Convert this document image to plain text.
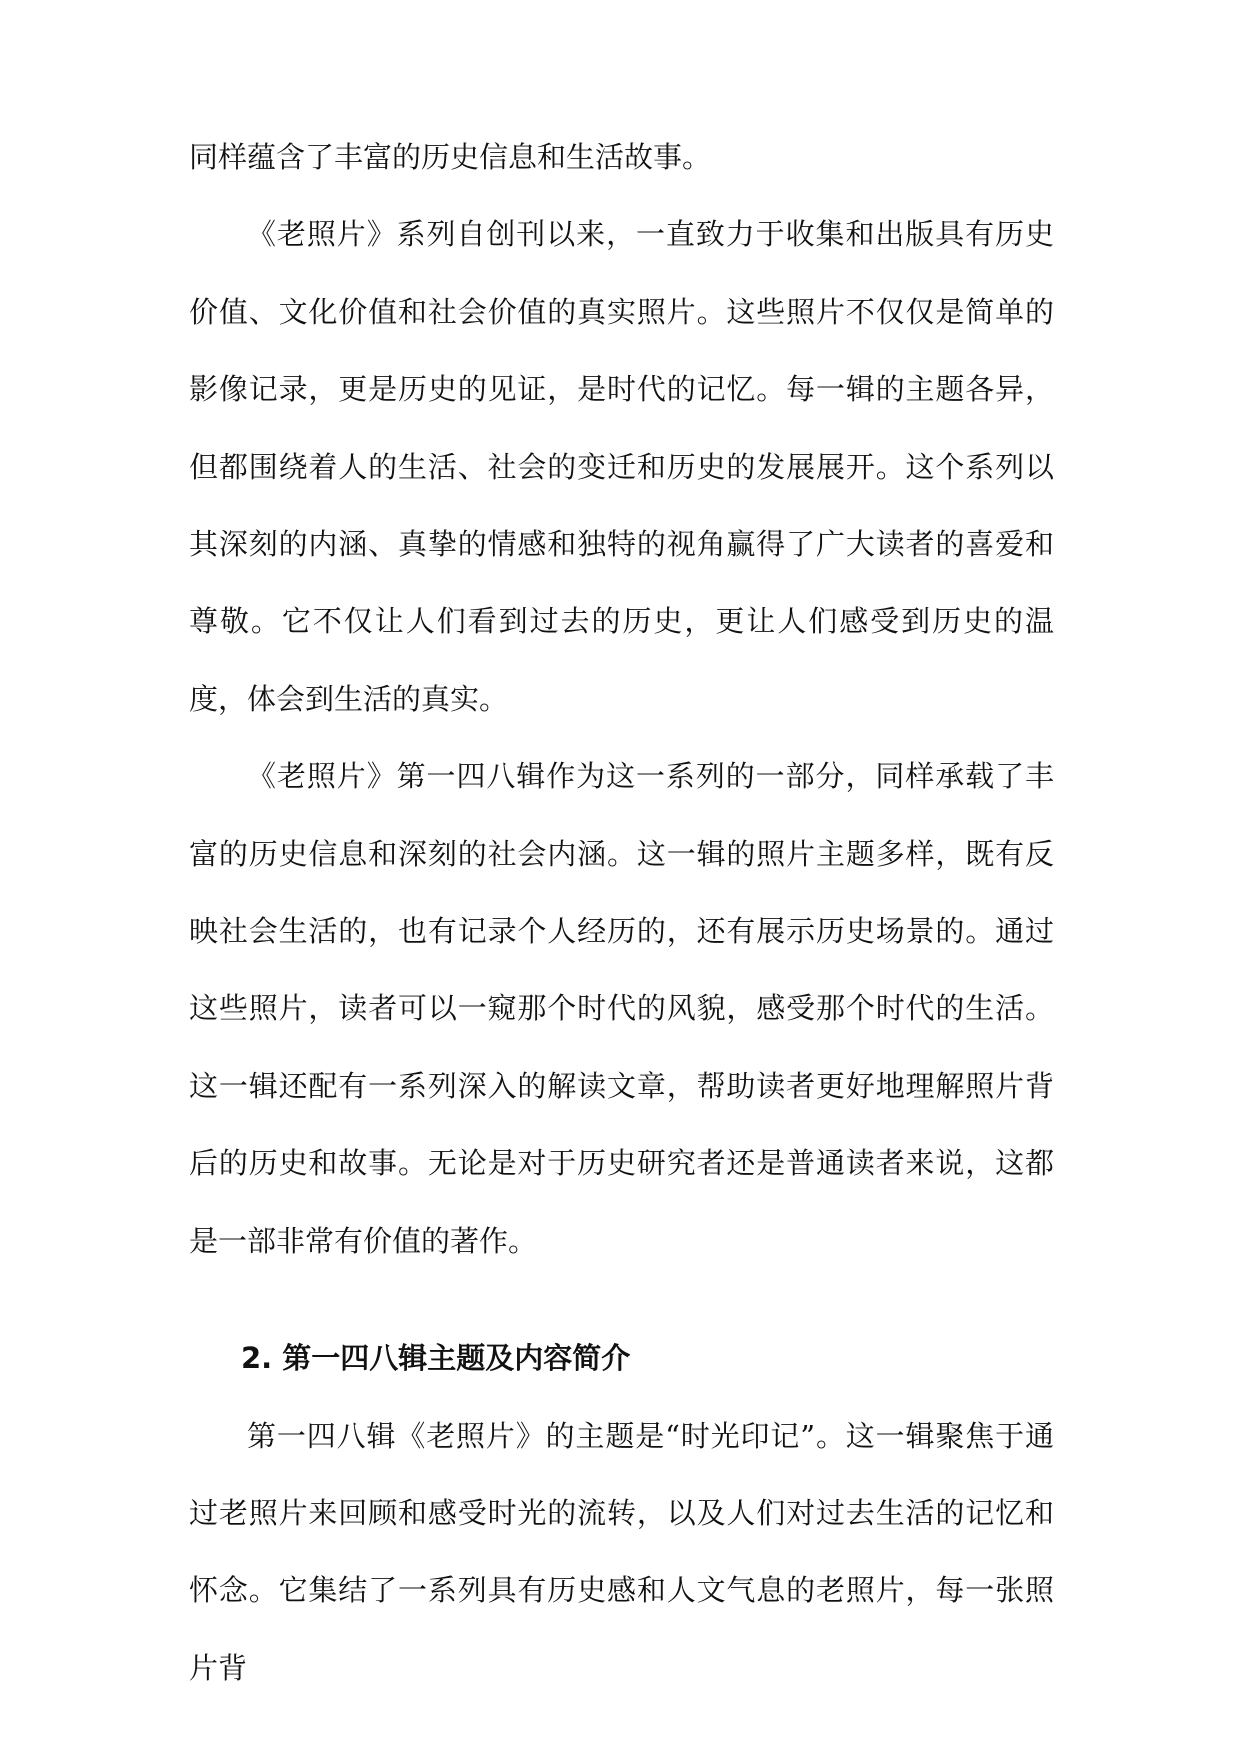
同样蕴含了丰富的历史信息和生活故事。

《老照片》系列自创刊以来，一直致力于收集和出版具有历史价值、文化价值和社会价值的真实照片。这些照片不仅仅是简单的影像记录，更是历史的见证，是时代的记忆。每一辑的主题各异，但都围绕着人的生活、社会的变迁和历史的发展展开。这个系列以其深刻的内涵、真挚的情感和独特的视角赢得了广大读者的喜爱和尊敬。它不仅让人们看到过去的历史，更让人们感受到历史的温度，体会到生活的真实。

《老照片》第一四八辑作为这一系列的一部分，同样承载了丰富的历史信息和深刻的社会内涵。这一辑的照片主题多样，既有反映社会生活的，也有记录个人经历的，还有展示历史场景的。通过这些照片，读者可以一窥那个时代的风貌，感受那个时代的生活。这一辑还配有一系列深入的解读文章，帮助读者更好地理解照片背后的历史和故事。无论是对于历史研究者还是普通读者来说，这都是一部非常有价值的著作。

2. 第一四八辑主题及内容简介

第一四八辑《老照片》的主题是“时光印记”。这一辑聚焦于通过老照片来回顾和感受时光的流转，以及人们对过去生活的记忆和怀念。它集结了一系列具有历史感和人文气息的老照片，每一张照片背
